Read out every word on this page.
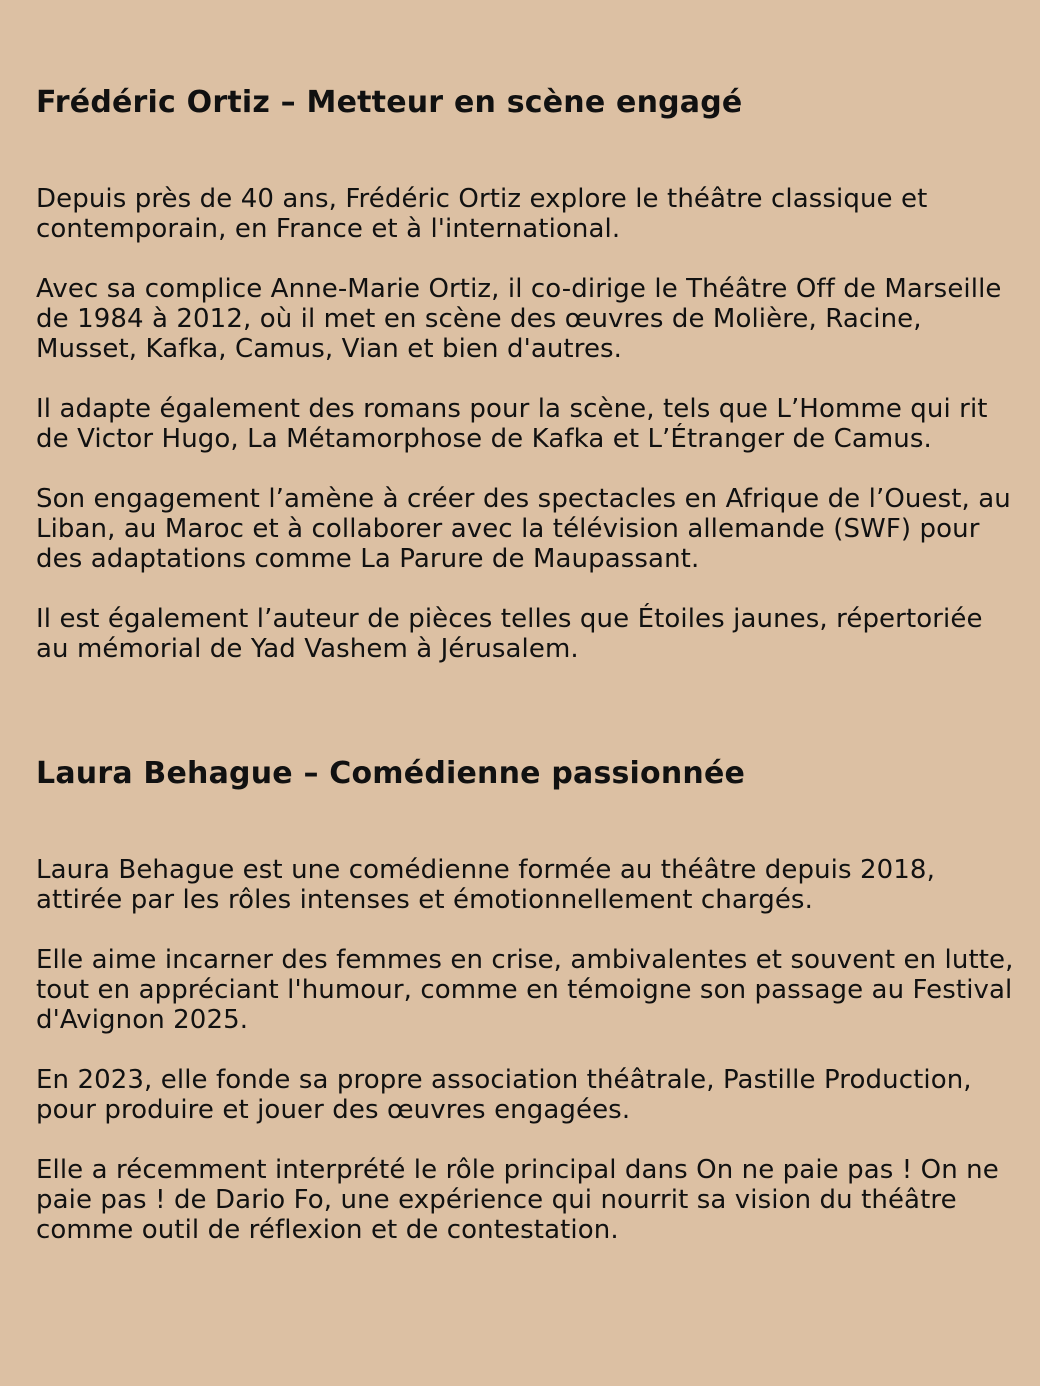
Frédéric Ortiz – Metteur en scène engagé

Depuis près de 40 ans, Frédéric Ortiz explore le théâtre classique et contemporain, en France et à l'international.

Avec sa complice Anne-Marie Ortiz, il co-dirige le Théâtre Off de Marseille de 1984 à 2012, où il met en scène des œuvres de Molière, Racine, Musset, Kafka, Camus, Vian et bien d'autres.

Il adapte également des romans pour la scène, tels que L’Homme qui rit de Victor Hugo, La Métamorphose de Kafka et L’Étranger de Camus.

Son engagement l’amène à créer des spectacles en Afrique de l’Ouest, au Liban, au Maroc et à collaborer avec la télévision allemande (SWF) pour des adaptations comme La Parure de Maupassant.

Il est également l’auteur de pièces telles que Étoiles jaunes, répertoriée au mémorial de Yad Vashem à Jérusalem.

Laura Behague – Comédienne passionnée

Laura Behague est une comédienne formée au théâtre depuis 2018, attirée par les rôles intenses et émotionnellement chargés.

Elle aime incarner des femmes en crise, ambivalentes et souvent en lutte, tout en appréciant l'humour, comme en témoigne son passage au Festival d'Avignon 2025.

En 2023, elle fonde sa propre association théâtrale, Pastille Production, pour produire et jouer des œuvres engagées.

Elle a récemment interprété le rôle principal dans On ne paie pas ! On ne paie pas ! de Dario Fo, une expérience qui nourrit sa vision du théâtre comme outil de réflexion et de contestation.
